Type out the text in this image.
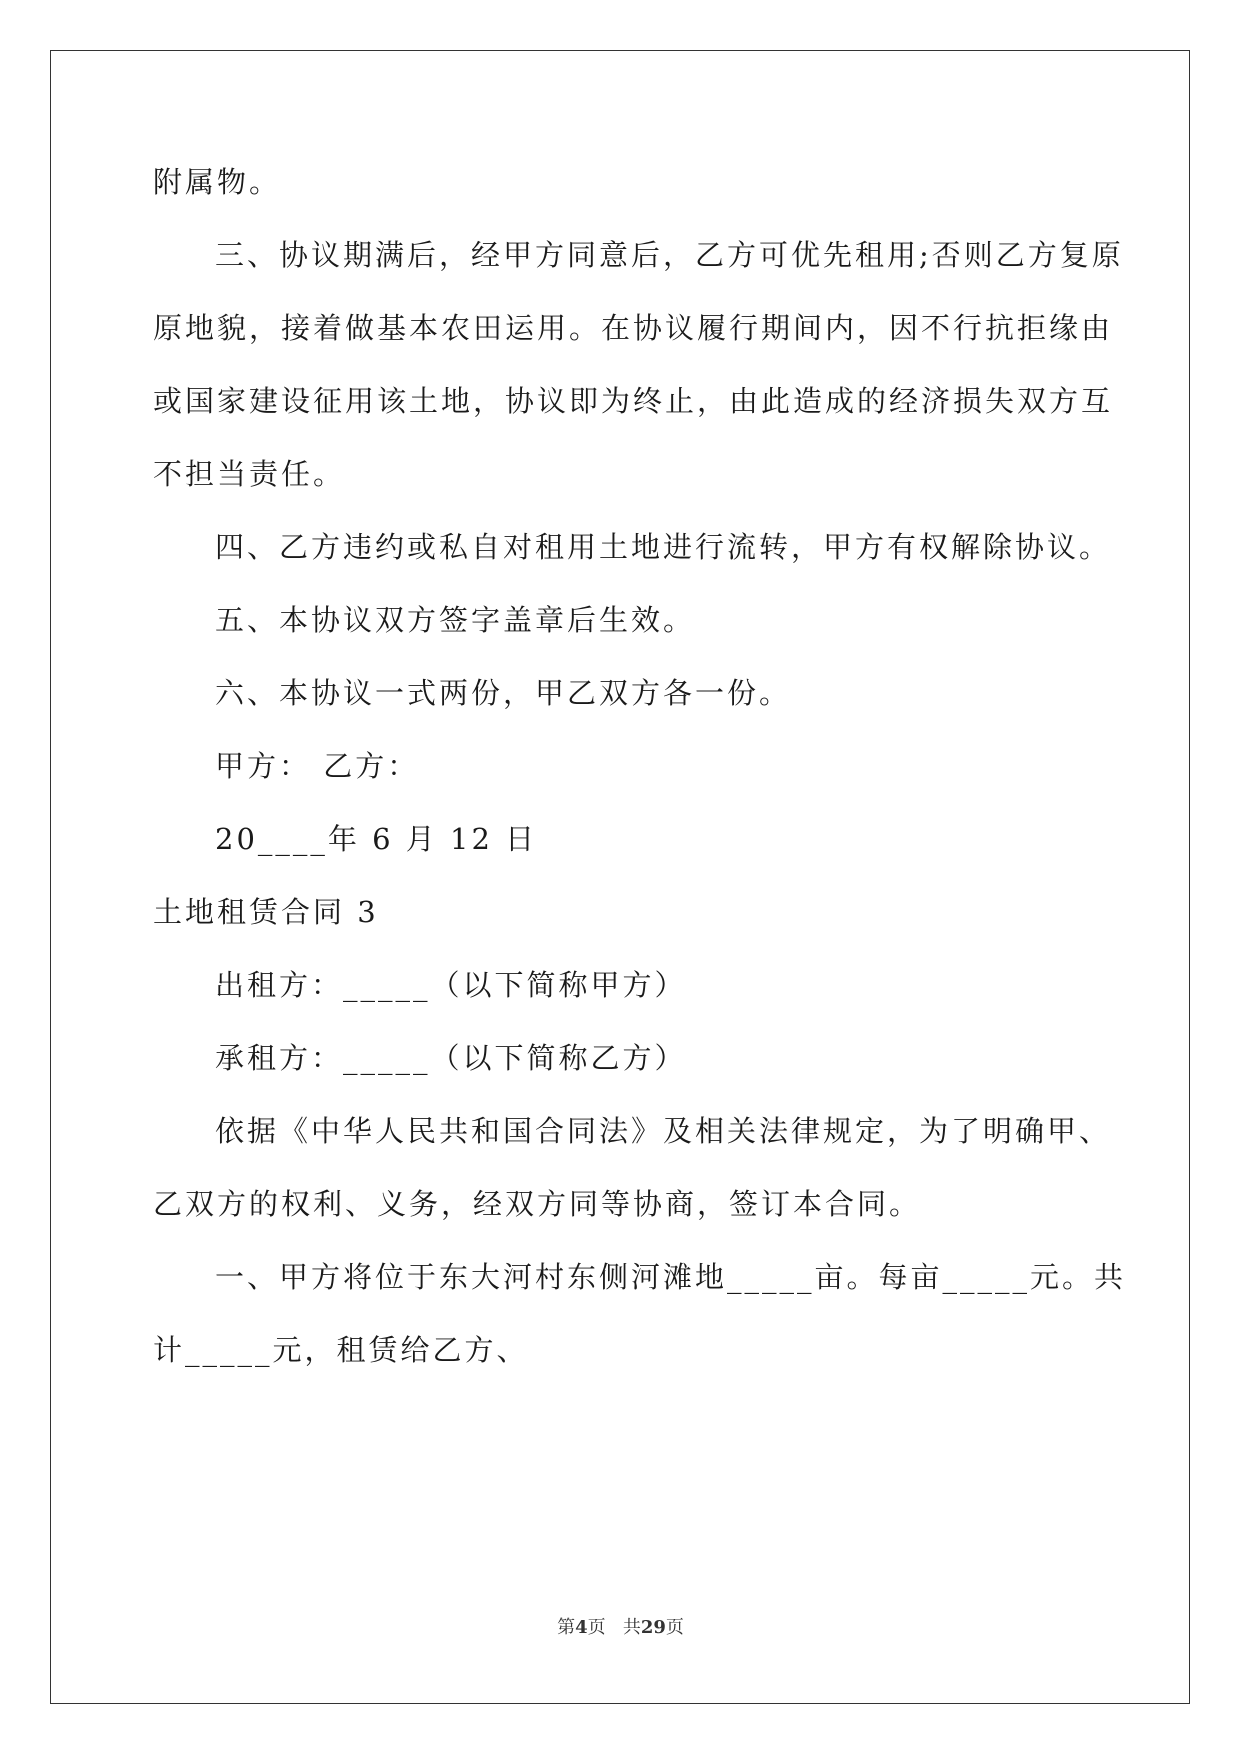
附属物。
三、协议期满后，经甲方同意后，乙方可优先租用;否则乙方复原
原地貌，接着做基本农田运用。在协议履行期间内，因不行抗拒缘由
或国家建设征用该土地，协议即为终止，由此造成的经济损失双方互
不担当责任。
四、乙方违约或私自对租用土地进行流转，甲方有权解除协议。
五、本协议双方签字盖章后生效。
六、本协议一式两份，甲乙双方各一份。
甲方： 乙方：
20____年 6 月 12 日
土地租赁合同 3
出租方：_____（以下简称甲方）
承租方：_____（以下简称乙方）
依据《中华人民共和国合同法》及相关法律规定，为了明确甲、
乙双方的权利、义务，经双方同等协商，签订本合同。
一、甲方将位于东大河村东侧河滩地_____亩。每亩_____元。共
计_____元，租赁给乙方、
第4页 共29页
